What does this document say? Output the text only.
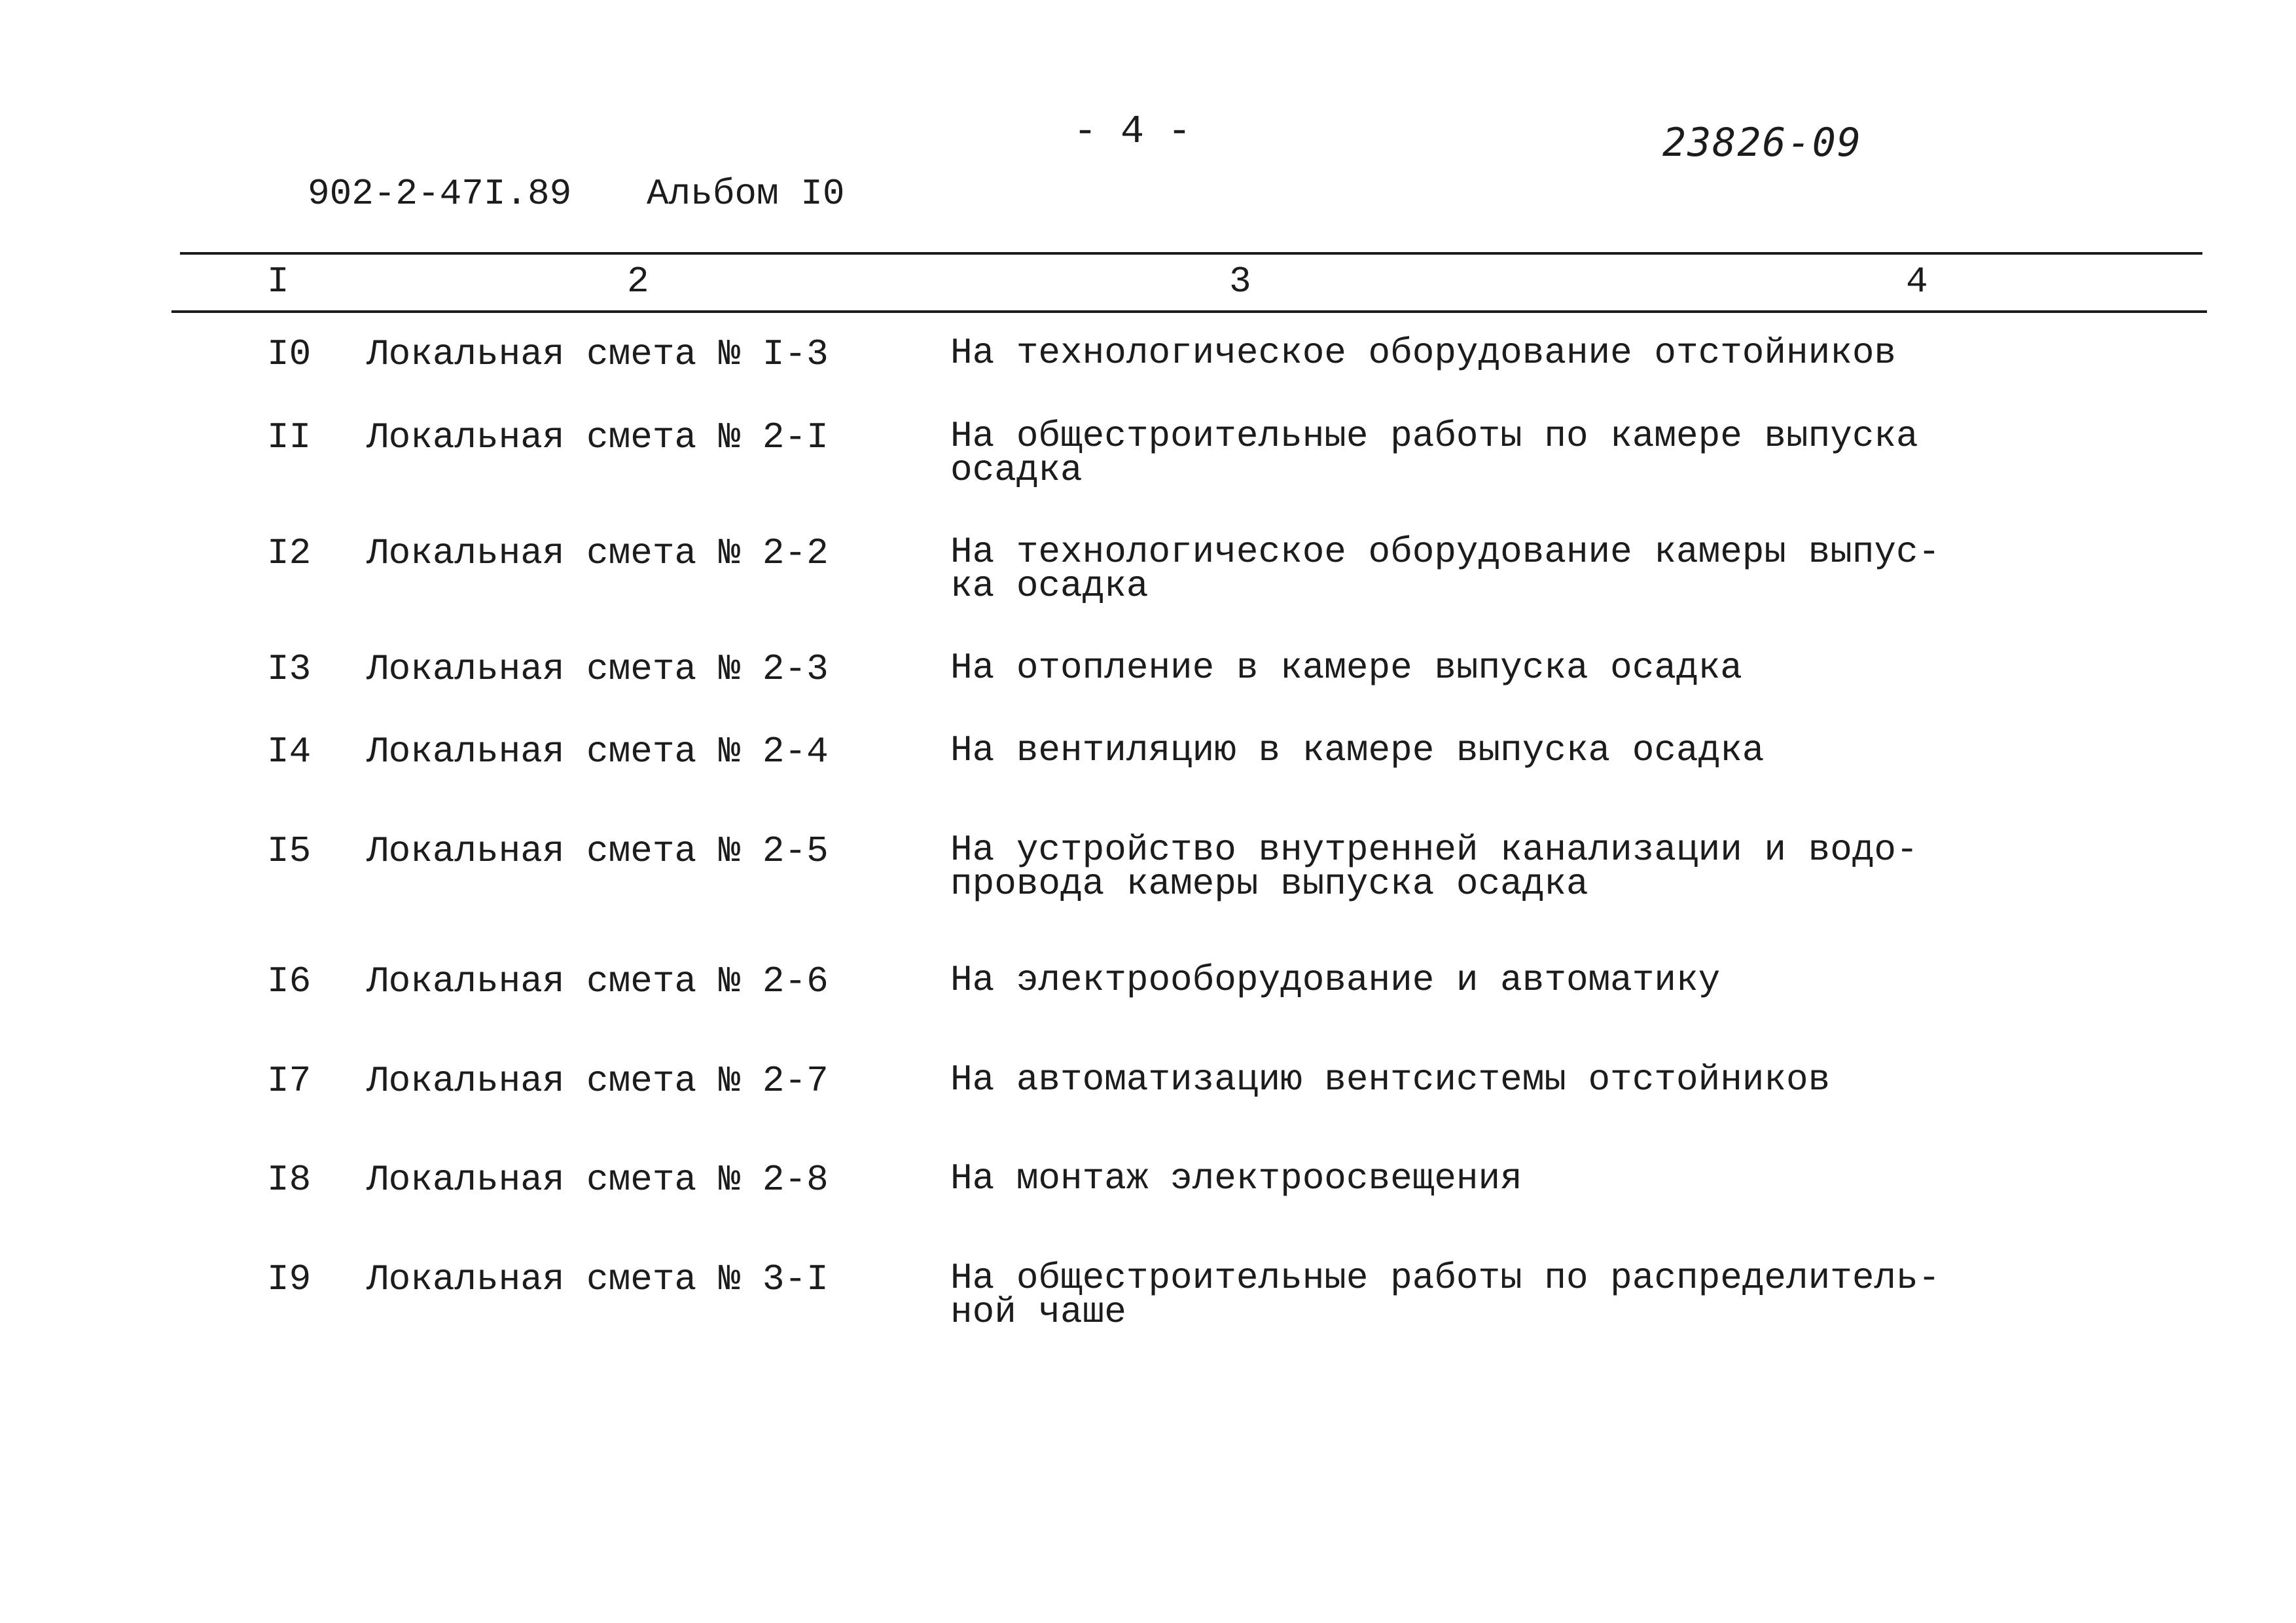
- 4 -	23826-09
902-2-47I.89 Альбом I0
I	2	3	4
I0 Локальная смета № I-3	На технологическое оборудование отстойников
II Локальная смета № 2-I	На общестроительные работы по камере выпуска
осадка
I2 Локальная смета № 2-2	На технологическое оборудование камеры выпус-
ка осадка
I3 Локальная смета № 2-3	На отопление в камере выпуска осадка
I4 Локальная смета № 2-4	На вентиляцию в камере выпуска осадка
I5 Локальная смета № 2-5	На устройство внутренней канализации и водо-
провода камеры выпуска осадка
I6 Локальная смета № 2-6	На электрооборудование и автоматику
I7 Локальная смета № 2-7	На автоматизацию вентсистемы отстойников
I8 Локальная смета № 2-8	На монтаж электроосвещения
I9 Локальная смета № 3-I	На общестроительные работы по распределитель-
ной чаше
